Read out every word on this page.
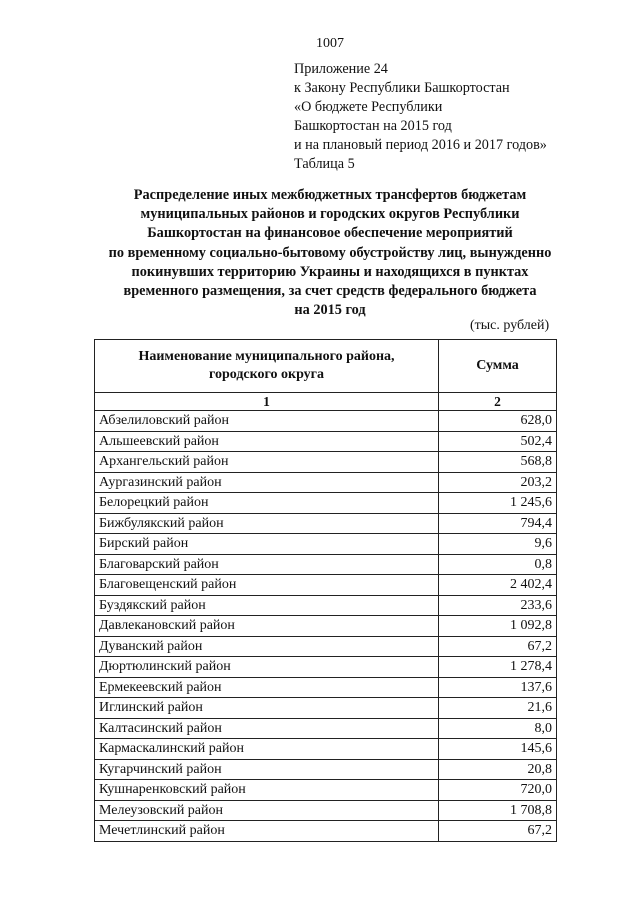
1007
Приложение 24
к Закону Республики Башкортостан
«О бюджете Республики
Башкортостан на 2015 год
и на плановый период 2016 и 2017 годов»
Таблица 5
Распределение иных межбюджетных трансфертов бюджетам
муниципальных районов и городских округов Республики
Башкортостан на финансовое обеспечение мероприятий
по временному социально-бытовому обустройству лиц, вынужденно
покинувших территорию Украины и находящихся в пунктах
временного размещения, за счет средств федерального бюджета
на 2015 год
(тыс. рублей)
Наименование муниципального района,
городского округа	Сумма
1	2
Абзелиловский район	628,0
Альшеевский район	502,4
Архангельский район	568,8
Аургазинский район	203,2
Белорецкий район	1 245,6
Бижбулякский район	794,4
Бирский район	9,6
Благоварский район	0,8
Благовещенский район	2 402,4
Буздякский район	233,6
Давлекановский район	1 092,8
Дуванский район	67,2
Дюртюлинский район	1 278,4
Ермекеевский район	137,6
Иглинский район	21,6
Калтасинский район	8,0
Кармаскалинский район	145,6
Кугарчинский район	20,8
Кушнаренковский район	720,0
Мелеузовский район	1 708,8
Мечетлинский район	67,2
